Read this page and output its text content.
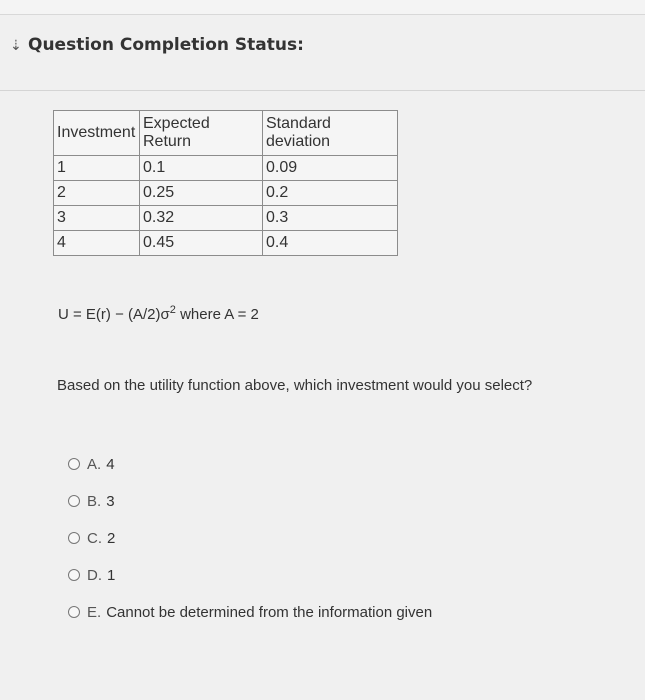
⇣ Question Completion Status:
Investment	Expected Return	Standard deviation
1	0.1	0.09
2	0.25	0.2
3	0.32	0.3
4	0.45	0.4
$U = E(r) - (A/2)\sigma^2$ where A = 2
Based on the utility function above, which investment would you select?
A. 4
B. 3
C. 2
D. 1
E. Cannot be determined from the information given
